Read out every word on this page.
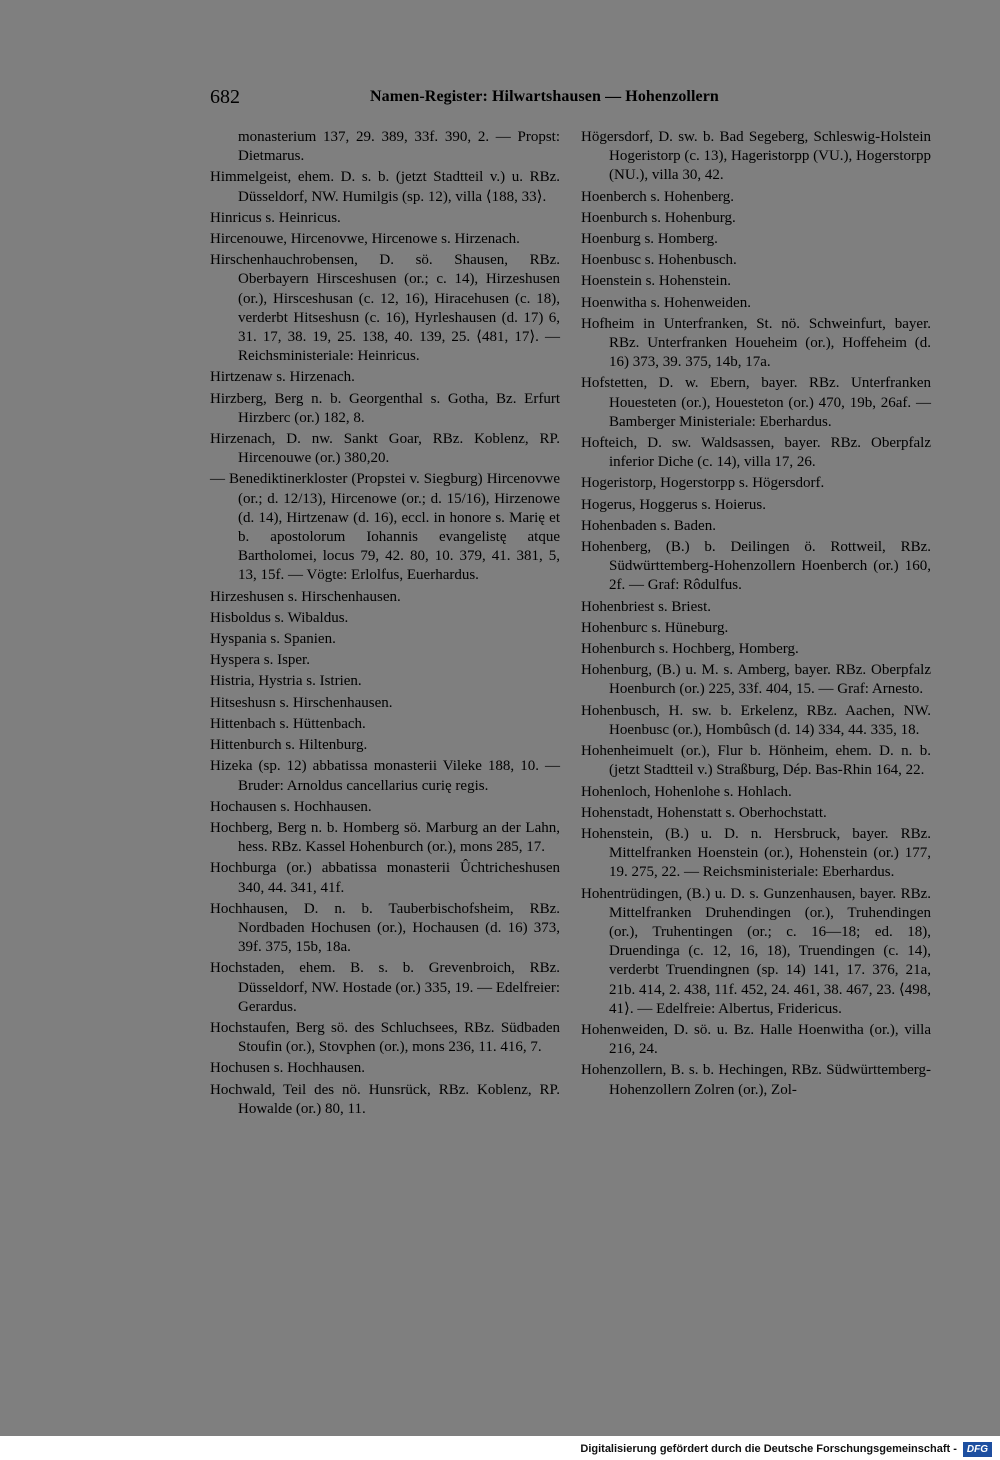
682	Namen-Register: Hilwartshausen — Hohenzollern

monasterium 137, 29. 389, 33f. 390, 2. — Propst: Dietmarus.

Himmelgeist, ehem. D. s. b. (jetzt Stadtteil v.) u. RBz. Düsseldorf, NW. Humilgis (sp. 12), villa ⟨188, 33⟩.

Hinricus s. Heinricus.

Hircenouwe, Hircenovwe, Hircenowe s. Hirzenach.

Hirschenhauchrobensen, D. sö. Shausen, RBz. Oberbayern Hirsceshusen (or.; c. 14), Hirzeshusen (or.), Hirsceshusan (c. 12, 16), Hiracehusen (c. 18), verderbt Hitseshusn (c. 16), Hyrleshausen (d. 17) 6, 31. 17, 38. 19, 25. 138, 40. 139, 25. ⟨481, 17⟩. — Reichsministeriale: Heinricus.

Hirtzenaw s. Hirzenach.

Hirzberg, Berg n. b. Georgenthal s. Gotha, Bz. Erfurt Hirzberc (or.) 182, 8.

Hirzenach, D. nw. Sankt Goar, RBz. Koblenz, RP. Hircenouwe (or.) 380,20.

— Benediktinerkloster (Propstei v. Siegburg) Hircenovwe (or.; d. 12/13), Hircenowe (or.; d. 15/16), Hirzenowe (d. 14), Hirtzenaw (d. 16), eccl. in honore s. Marię et b. apostolorum Iohannis evangelistę atque Bartholomei, locus 79, 42. 80, 10. 379, 41. 381, 5, 13, 15f. — Vögte: Erlolfus, Euerhardus.

Hirzeshusen s. Hirschenhausen.

Hisboldus s. Wibaldus.

Hyspania s. Spanien.

Hyspera s. Isper.

Histria, Hystria s. Istrien.

Hitseshusn s. Hirschenhausen.

Hittenbach s. Hüttenbach.

Hittenburch s. Hiltenburg.

Hizeka (sp. 12) abbatissa monasterii Vileke 188, 10. — Bruder: Arnoldus cancellarius curię regis.

Hochausen s. Hochhausen.

Hochberg, Berg n. b. Homberg sö. Marburg an der Lahn, hess. RBz. Kassel Hohenburch (or.), mons 285, 17.

Hochburga (or.) abbatissa monasterii Ûchtricheshusen 340, 44. 341, 41f.

Hochhausen, D. n. b. Tauberbischofsheim, RBz. Nordbaden Hochusen (or.), Hochausen (d. 16) 373, 39f. 375, 15b, 18a.

Hochstaden, ehem. B. s. b. Grevenbroich, RBz. Düsseldorf, NW. Hostade (or.) 335, 19. — Edelfreier: Gerardus.

Hochstaufen, Berg sö. des Schluchsees, RBz. Südbaden Stoufin (or.), Stovphen (or.), mons 236, 11. 416, 7.

Hochusen s. Hochhausen.

Hochwald, Teil des nö. Hunsrück, RBz. Koblenz, RP. Howalde (or.) 80, 11.

Högersdorf, D. sw. b. Bad Segeberg, Schleswig-Holstein Hogeristorp (c. 13), Hageristorpp (VU.), Hogerstorpp (NU.), villa 30, 42.

Hoenberch s. Hohenberg.

Hoenburch s. Hohenburg.

Hoenburg s. Homberg.

Hoenbusc s. Hohenbusch.

Hoenstein s. Hohenstein.

Hoenwitha s. Hohenweiden.

Hofheim in Unterfranken, St. nö. Schweinfurt, bayer. RBz. Unterfranken Houeheim (or.), Hoffeheim (d. 16) 373, 39. 375, 14b, 17a.

Hofstetten, D. w. Ebern, bayer. RBz. Unterfranken Houesteten (or.), Houesteton (or.) 470, 19b, 26af. — Bamberger Ministeriale: Eberhardus.

Hofteich, D. sw. Waldsassen, bayer. RBz. Oberpfalz inferior Diche (c. 14), villa 17, 26.

Hogeristorp, Hogerstorpp s. Högersdorf.

Hogerus, Hoggerus s. Hoierus.

Hohenbaden s. Baden.

Hohenberg, (B.) b. Deilingen ö. Rottweil, RBz. Südwürttemberg-Hohenzollern Hoenberch (or.) 160, 2f. — Graf: Rôdulfus.

Hohenbriest s. Briest.

Hohenburc s. Hüneburg.

Hohenburch s. Hochberg, Homberg.

Hohenburg, (B.) u. M. s. Amberg, bayer. RBz. Oberpfalz Hoenburch (or.) 225, 33f. 404, 15. — Graf: Arnesto.

Hohenbusch, H. sw. b. Erkelenz, RBz. Aachen, NW. Hoenbusc (or.), Hombûsch (d. 14) 334, 44. 335, 18.

Hohenheimuelt (or.), Flur b. Hönheim, ehem. D. n. b. (jetzt Stadtteil v.) Straßburg, Dép. Bas-Rhin 164, 22.

Hohenloch, Hohenlohe s. Hohlach.

Hohenstadt, Hohenstatt s. Oberhochstatt.

Hohenstein, (B.) u. D. n. Hersbruck, bayer. RBz. Mittelfranken Hoenstein (or.), Hohenstein (or.) 177, 19. 275, 22. — Reichsministeriale: Eberhardus.

Hohentrüdingen, (B.) u. D. s. Gunzenhausen, bayer. RBz. Mittelfranken Druhendingen (or.), Truhendingen (or.), Truhentingen (or.; c. 16—18; ed. 18), Druendinga (c. 12, 16, 18), Truendingen (c. 14), verderbt Truendingnen (sp. 14) 141, 17. 376, 21a, 21b. 414, 2. 438, 11f. 452, 24. 461, 38. 467, 23. ⟨498, 41⟩. — Edelfreie: Albertus, Fridericus.

Hohenweiden, D. sö. u. Bz. Halle Hoenwitha (or.), villa 216, 24.

Hohenzollern, B. s. b. Hechingen, RBz. Südwürttemberg-Hohenzollern Zolren (or.), Zol-

Digitalisierung gefördert durch die Deutsche Forschungsgemeinschaft -	DFG
